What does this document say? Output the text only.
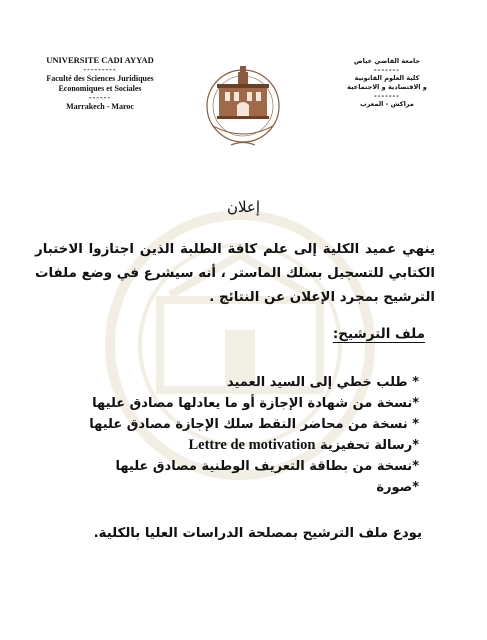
UNIVERSITE CADI AYYAD

---------
Faculté des Sciences Juridiques
Economiques et Sociales

------
Marrakech - Maroc
جامعة القاضي عياض

-------
كلية العلوم القانونية
و الاقتصادية و الاجتماعية

-------
مراكش - المغرب
إعلان
ينهي عميد الكلية إلى علم كافة الطلبة الذين اجتازوا الاختبار الكتابي للتسجيل بسلك الماستر ، أنه سيشرع في وضع ملفات الترشيح بمجرد الإعلان عن النتائج .
ملف الترشيح:
* طلب خطي إلى السيد العميد
*نسخة من شهادة الإجازة أو ما يعادلها مصادق عليها
* نسخة من محاضر النقط سلك الإجازة مصادق عليها
*رسالة تحفيزية Lettre de motivation
*نسخة من بطاقة التعريف الوطنية مصادق عليها
*صورة
يودع ملف الترشيح بمصلحة الدراسات العليا بالكلية.
